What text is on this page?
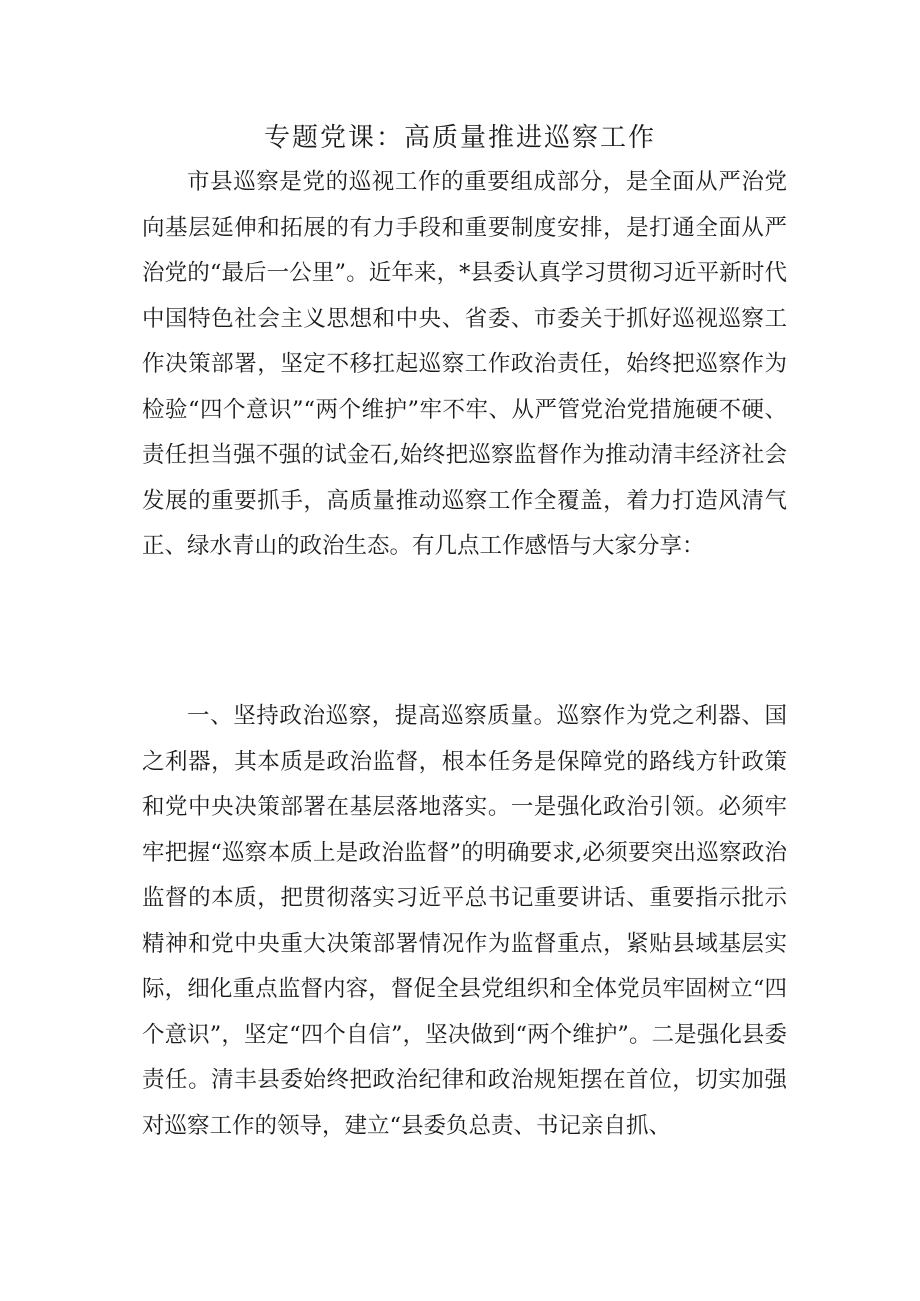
专题党课：高质量推进巡察工作

市县巡察是党的巡视工作的重要组成部分，是全面从严治党向基层延伸和拓展的有力手段和重要制度安排，是打通全面从严治党的“最后一公里”。近年来，*县委认真学习贯彻习近平新时代中国特色社会主义思想和中央、省委、市委关于抓好巡视巡察工作决策部署，坚定不移扛起巡察工作政治责任，始终把巡察作为检验“四个意识”“两个维护”牢不牢、从严管党治党措施硬不硬、责任担当强不强的试金石,始终把巡察监督作为推动清丰经济社会发展的重要抓手，高质量推动巡察工作全覆盖，着力打造风清气正、绿水青山的政治生态。有几点工作感悟与大家分享：

一、坚持政治巡察，提高巡察质量。巡察作为党之利器、国之利器，其本质是政治监督，根本任务是保障党的路线方针政策和党中央决策部署在基层落地落实。一是强化政治引领。必须牢牢把握“巡察本质上是政治监督”的明确要求,必须要突出巡察政治监督的本质，把贯彻落实习近平总书记重要讲话、重要指示批示精神和党中央重大决策部署情况作为监督重点，紧贴县域基层实际，细化重点监督内容，督促全县党组织和全体党员牢固树立“四个意识”，坚定“四个自信”，坚决做到“两个维护”。二是强化县委责任。清丰县委始终把政治纪律和政治规矩摆在首位，切实加强对巡察工作的领导，建立“县委负总责、书记亲自抓、
